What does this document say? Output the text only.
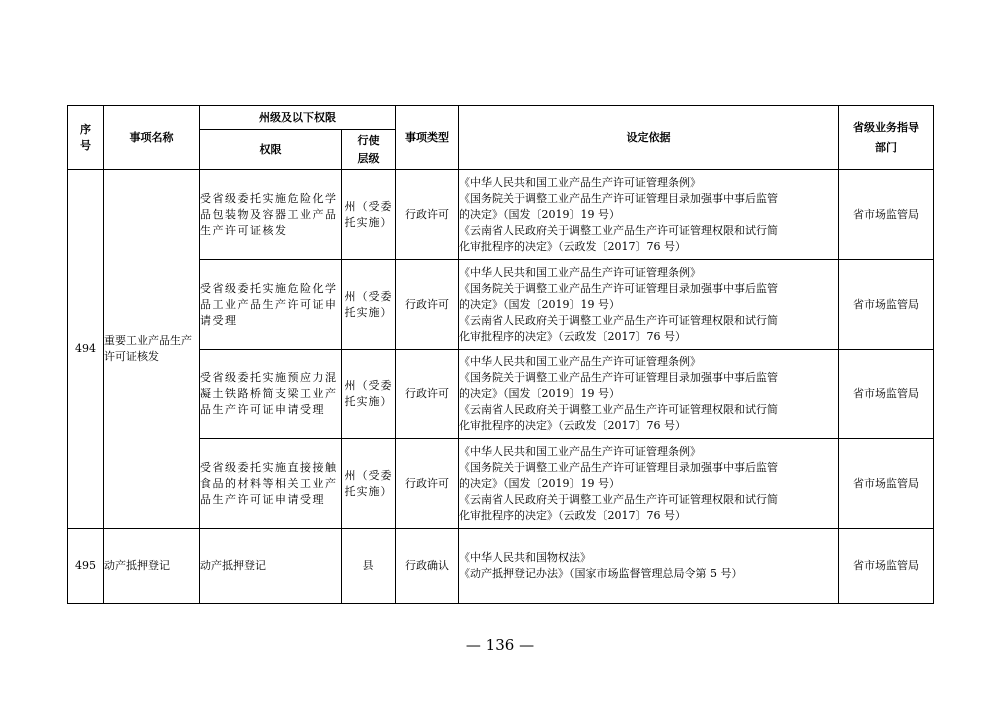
序号	事项名称	州级及以下权限		事项类型	设定依据	省级业务指导部门
		权限	行使层级			
494	重要工业产品生产许可证核发	受省级委托实施危险化学品包装物及容器工业产品生产许可证核发	州（受委托实施）	行政许可	《中华人民共和国工业产品生产许可证管理条例》
《国务院关于调整工业产品生产许可证管理目录加强事中事后监管
的决定》（国发〔2019〕19 号）
《云南省人民政府关于调整工业产品生产许可证管理权限和试行简
化审批程序的决定》（云政发〔2017〕76 号）	省市场监管局
		受省级委托实施危险化学品工业产品生产许可证申请受理	州（受委托实施）	行政许可	《中华人民共和国工业产品生产许可证管理条例》
《国务院关于调整工业产品生产许可证管理目录加强事中事后监管
的决定》（国发〔2019〕19 号）
《云南省人民政府关于调整工业产品生产许可证管理权限和试行简
化审批程序的决定》（云政发〔2017〕76 号）	省市场监管局
		受省级委托实施预应力混凝土铁路桥简支梁工业产品生产许可证申请受理	州（受委托实施）	行政许可	《中华人民共和国工业产品生产许可证管理条例》
《国务院关于调整工业产品生产许可证管理目录加强事中事后监管
的决定》（国发〔2019〕19 号）
《云南省人民政府关于调整工业产品生产许可证管理权限和试行简
化审批程序的决定》（云政发〔2017〕76 号）	省市场监管局
		受省级委托实施直接接触食品的材料等相关工业产品生产许可证申请受理	州（受委托实施）	行政许可	《中华人民共和国工业产品生产许可证管理条例》
《国务院关于调整工业产品生产许可证管理目录加强事中事后监管
的决定》（国发〔2019〕19 号）
《云南省人民政府关于调整工业产品生产许可证管理权限和试行简
化审批程序的决定》（云政发〔2017〕76 号）	省市场监管局
495	动产抵押登记	动产抵押登记	县	行政确认	《中华人民共和国物权法》
《动产抵押登记办法》（国家市场监督管理总局令第 5 号）	省市场监管局
— 136 —
